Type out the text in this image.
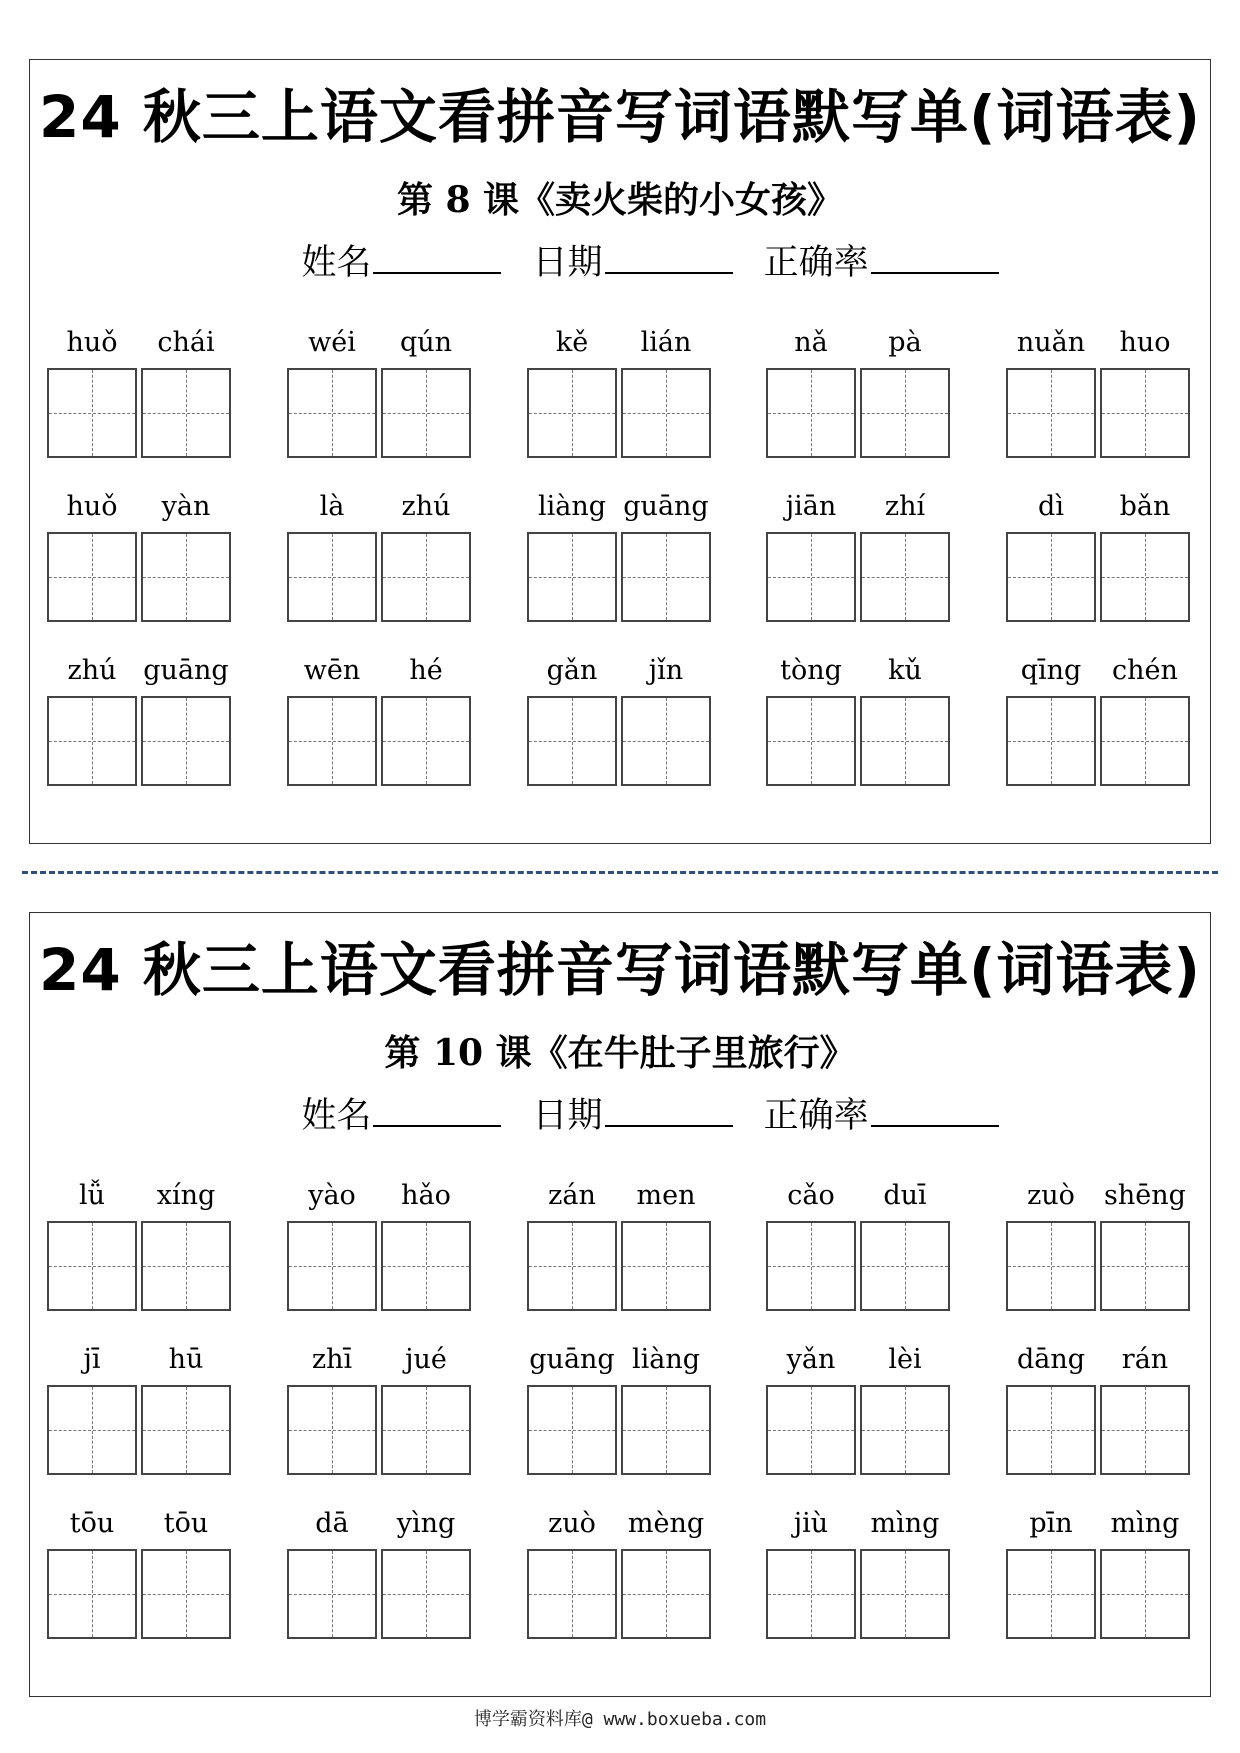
24 秋三上语文看拼音写词语默写单(词语表)
第 8 课《卖火柴的小女孩》
姓名	日期	正确率
huǒ	chái	wéi	qún	kě	lián	nǎ	pà	nuǎn	huo
huǒ	yàn	là	zhú	liàng guāng	jiān	zhí	dì	bǎn
zhú guāng	wēn	hé	gǎn	jǐn	tòng	kǔ	qīng	chén
24 秋三上语文看拼音写词语默写单(词语表)
第 10 课《在牛肚子里旅行》
姓名	日期	正确率
lǚ	xíng	yào	hǎo	zán	men	cǎo	duī	zuò	shēng
jī	hū	zhī	jué	guāng liàng	yǎn	lèi	dāng	rán
tōu	tōu	dā	yìng	zuò	mèng	jiù	mìng	pīn	mìng
博学霸资料库@ www.boxueba.com
